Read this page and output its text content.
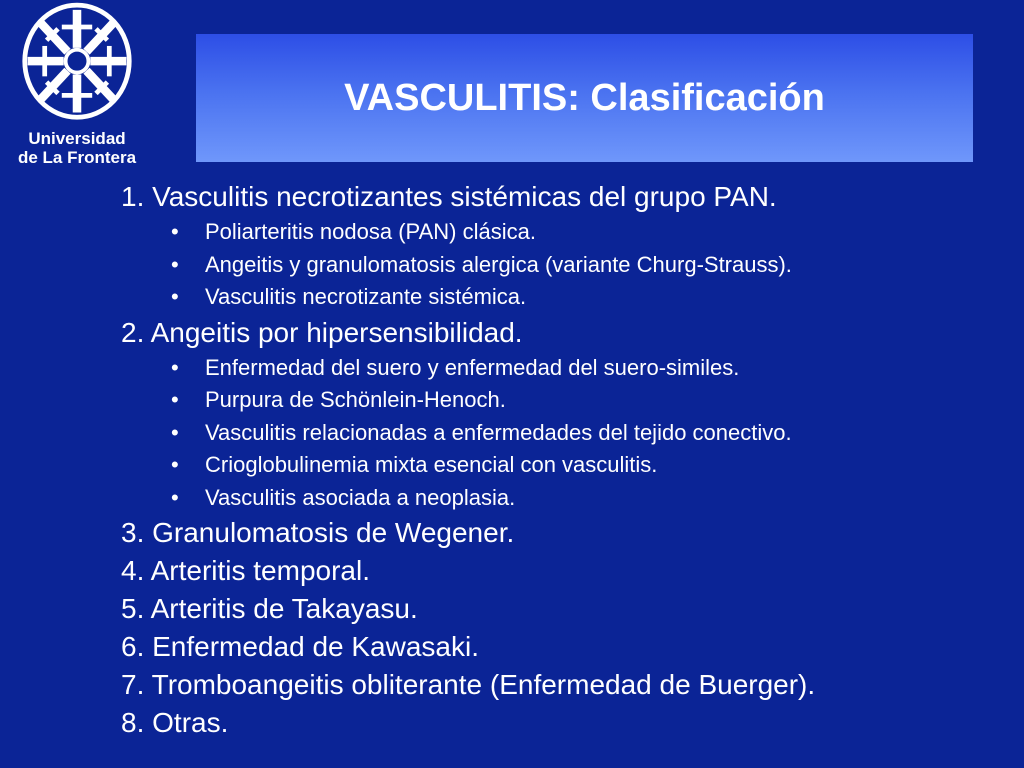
Universidad
de La Frontera
VASCULITIS: Clasificación
1. Vasculitis necrotizantes sistémicas del grupo PAN.
• Poliarteritis nodosa (PAN) clásica.
• Angeitis y granulomatosis alergica (variante Churg-Strauss).
• Vasculitis necrotizante sistémica.
2. Angeitis por hipersensibilidad.
• Enfermedad del suero y enfermedad del suero-similes.
• Purpura de Schönlein-Henoch.
• Vasculitis relacionadas a enfermedades del tejido conectivo.
• Crioglobulinemia mixta esencial con vasculitis.
• Vasculitis asociada a neoplasia.
3. Granulomatosis de Wegener.
4. Arteritis temporal.
5. Arteritis de Takayasu.
6. Enfermedad de Kawasaki.
7. Tromboangeitis obliterante (Enfermedad de Buerger).
8. Otras.
